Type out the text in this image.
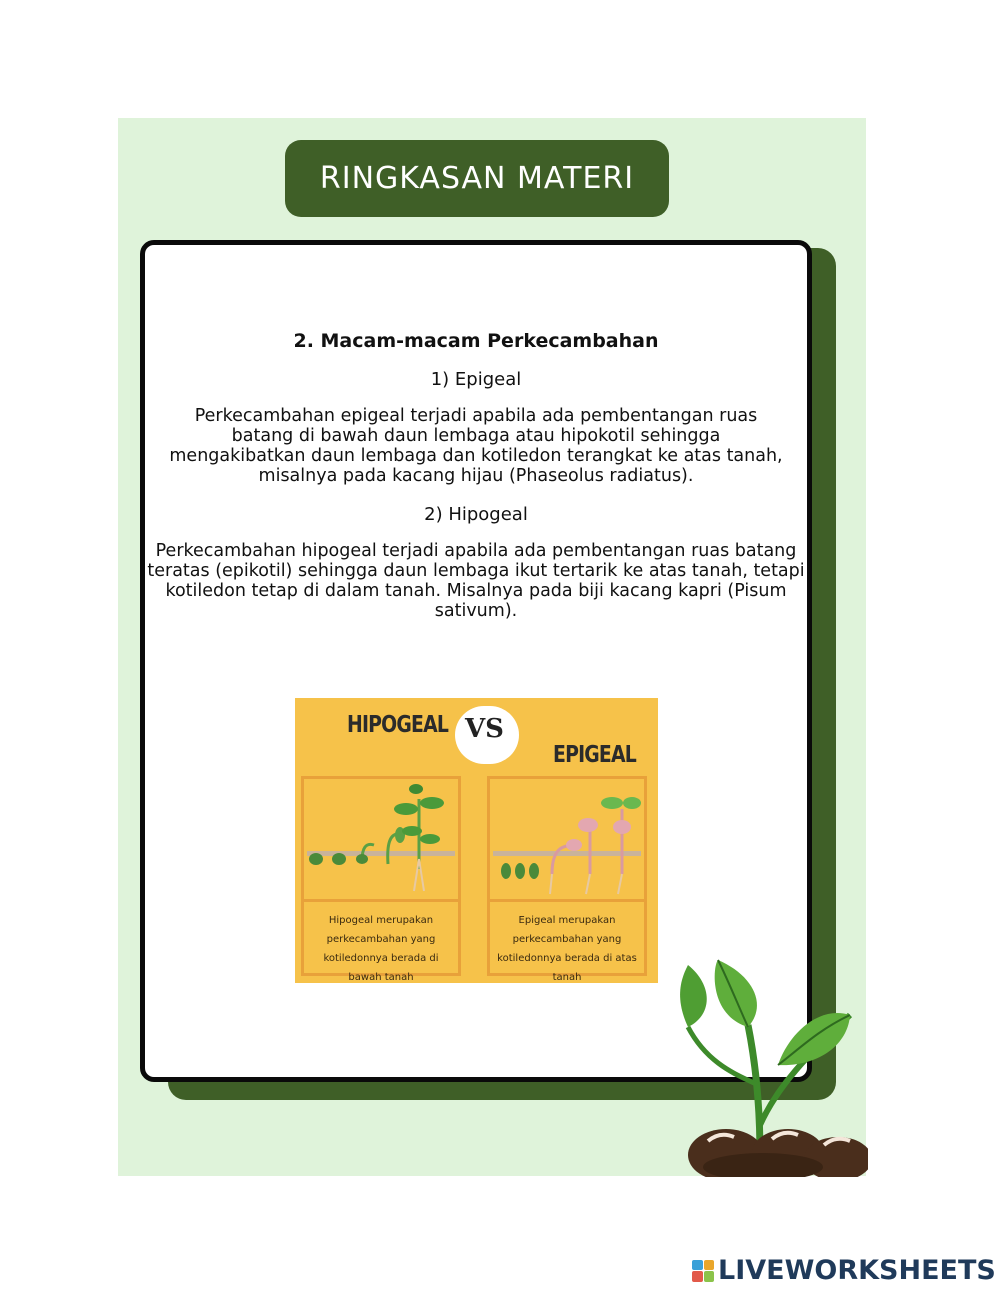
RINGKASAN MATERI

2. Macam-macam Perkecambahan

1) Epigeal

Perkecambahan epigeal terjadi apabila ada pembentangan ruas batang di bawah daun lembaga atau hipokotil sehingga mengakibatkan daun lembaga dan kotiledon terangkat ke atas tanah, misalnya pada kacang hijau (Phaseolus radiatus).

2) Hipogeal

Perkecambahan hipogeal terjadi apabila ada pembentangan ruas batang teratas (epikotil) sehingga daun lembaga ikut tertarik ke atas tanah, tetapi kotiledon tetap di dalam tanah. Misalnya pada biji kacang kapri (Pisum sativum).

HIPOGEAL VS
EPIGEAL
Hipogeal merupakan perkecambahan yang kotiledonnya berada di bawah tanah
Epigeal merupakan perkecambahan yang kotiledonnya berada di atas tanah
LIVEWORKSHEETS
